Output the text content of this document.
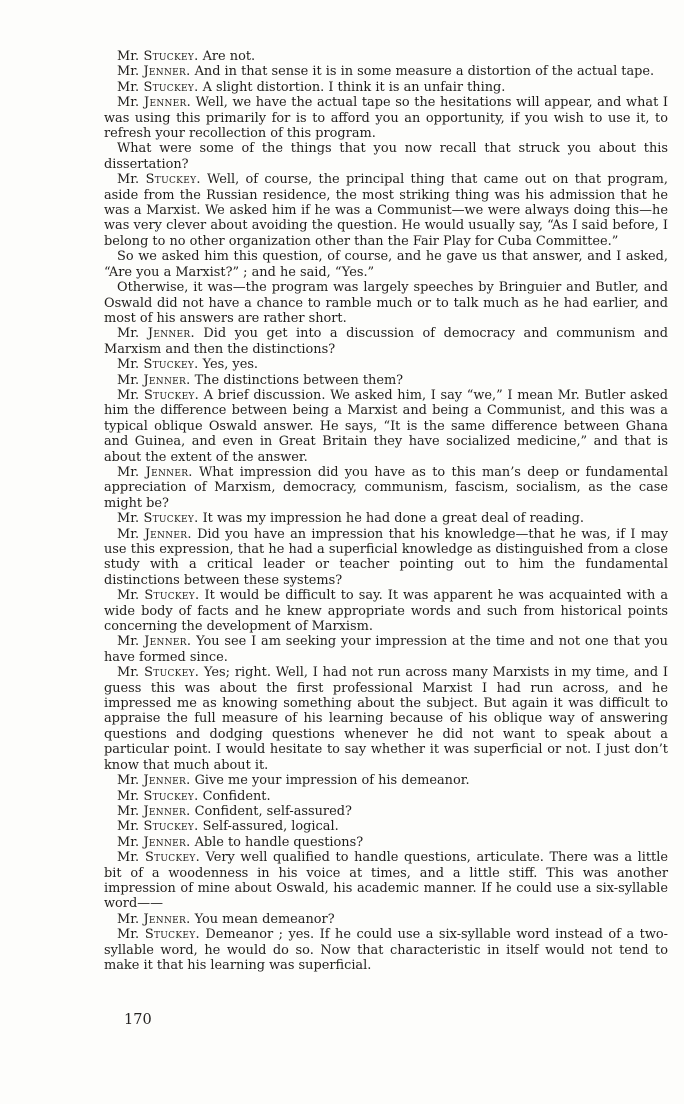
Mr. Stuckey. Are not.

Mr. Jenner. And in that sense it is in some measure a distortion of the actual tape.

Mr. Stuckey. A slight distortion. I think it is an unfair thing.

Mr. Jenner. Well, we have the actual tape so the hesitations will appear, and what I was using this primarily for is to afford you an opportunity, if you wish to use it, to refresh your recollection of this program.

What were some of the things that you now recall that struck you about this dissertation?

Mr. Stuckey. Well, of course, the principal thing that came out on that program, aside from the Russian residence, the most striking thing was his admission that he was a Marxist. We asked him if he was a Communist—we were always doing this—he was very clever about avoiding the question. He would usually say, “As I said before, I belong to no other organization other than the Fair Play for Cuba Committee.”

So we asked him this question, of course, and he gave us that answer, and I asked, “Are you a Marxist?” ; and he said, “Yes.”

Otherwise, it was—the program was largely speeches by Bringuier and Butler, and Oswald did not have a chance to ramble much or to talk much as he had earlier, and most of his answers are rather short.

Mr. Jenner. Did you get into a discussion of democracy and communism and Marxism and then the distinctions?

Mr. Stuckey. Yes, yes.

Mr. Jenner. The distinctions between them?

Mr. Stuckey. A brief discussion. We asked him, I say “we,” I mean Mr. Butler asked him the difference between being a Marxist and being a Communist, and this was a typical oblique Oswald answer. He says, “It is the same difference between Ghana and Guinea, and even in Great Britain they have socialized medicine,” and that is about the extent of the answer.

Mr. Jenner. What impression did you have as to this man’s deep or fundamental appreciation of Marxism, democracy, communism, fascism, socialism, as the case might be?

Mr. Stuckey. It was my impression he had done a great deal of reading.

Mr. Jenner. Did you have an impression that his knowledge—that he was, if I may use this expression, that he had a superficial knowledge as distinguished from a close study with a critical leader or teacher pointing out to him the fundamental distinctions between these systems?

Mr. Stuckey. It would be difficult to say. It was apparent he was acquainted with a wide body of facts and he knew appropriate words and such from historical points concerning the development of Marxism.

Mr. Jenner. You see I am seeking your impression at the time and not one that you have formed since.

Mr. Stuckey. Yes; right. Well, I had not run across many Marxists in my time, and I guess this was about the first professional Marxist I had run across, and he impressed me as knowing something about the subject. But again it was difficult to appraise the full measure of his learning because of his oblique way of answering questions and dodging questions whenever he did not want to speak about a particular point. I would hesitate to say whether it was superficial or not. I just don’t know that much about it.

Mr. Jenner. Give me your impression of his demeanor.

Mr. Stuckey. Confident.

Mr. Jenner. Confident, self-assured?

Mr. Stuckey. Self-assured, logical.

Mr. Jenner. Able to handle questions?

Mr. Stuckey. Very well qualified to handle questions, articulate. There was a little bit of a woodenness in his voice at times, and a little stiff. This was another impression of mine about Oswald, his academic manner. If he could use a six-syllable word——

Mr. Jenner. You mean demeanor?

Mr. Stuckey. Demeanor ; yes. If he could use a six-syllable word instead of a two-syllable word, he would do so. Now that characteristic in itself would not tend to make it that his learning was superficial.

170
